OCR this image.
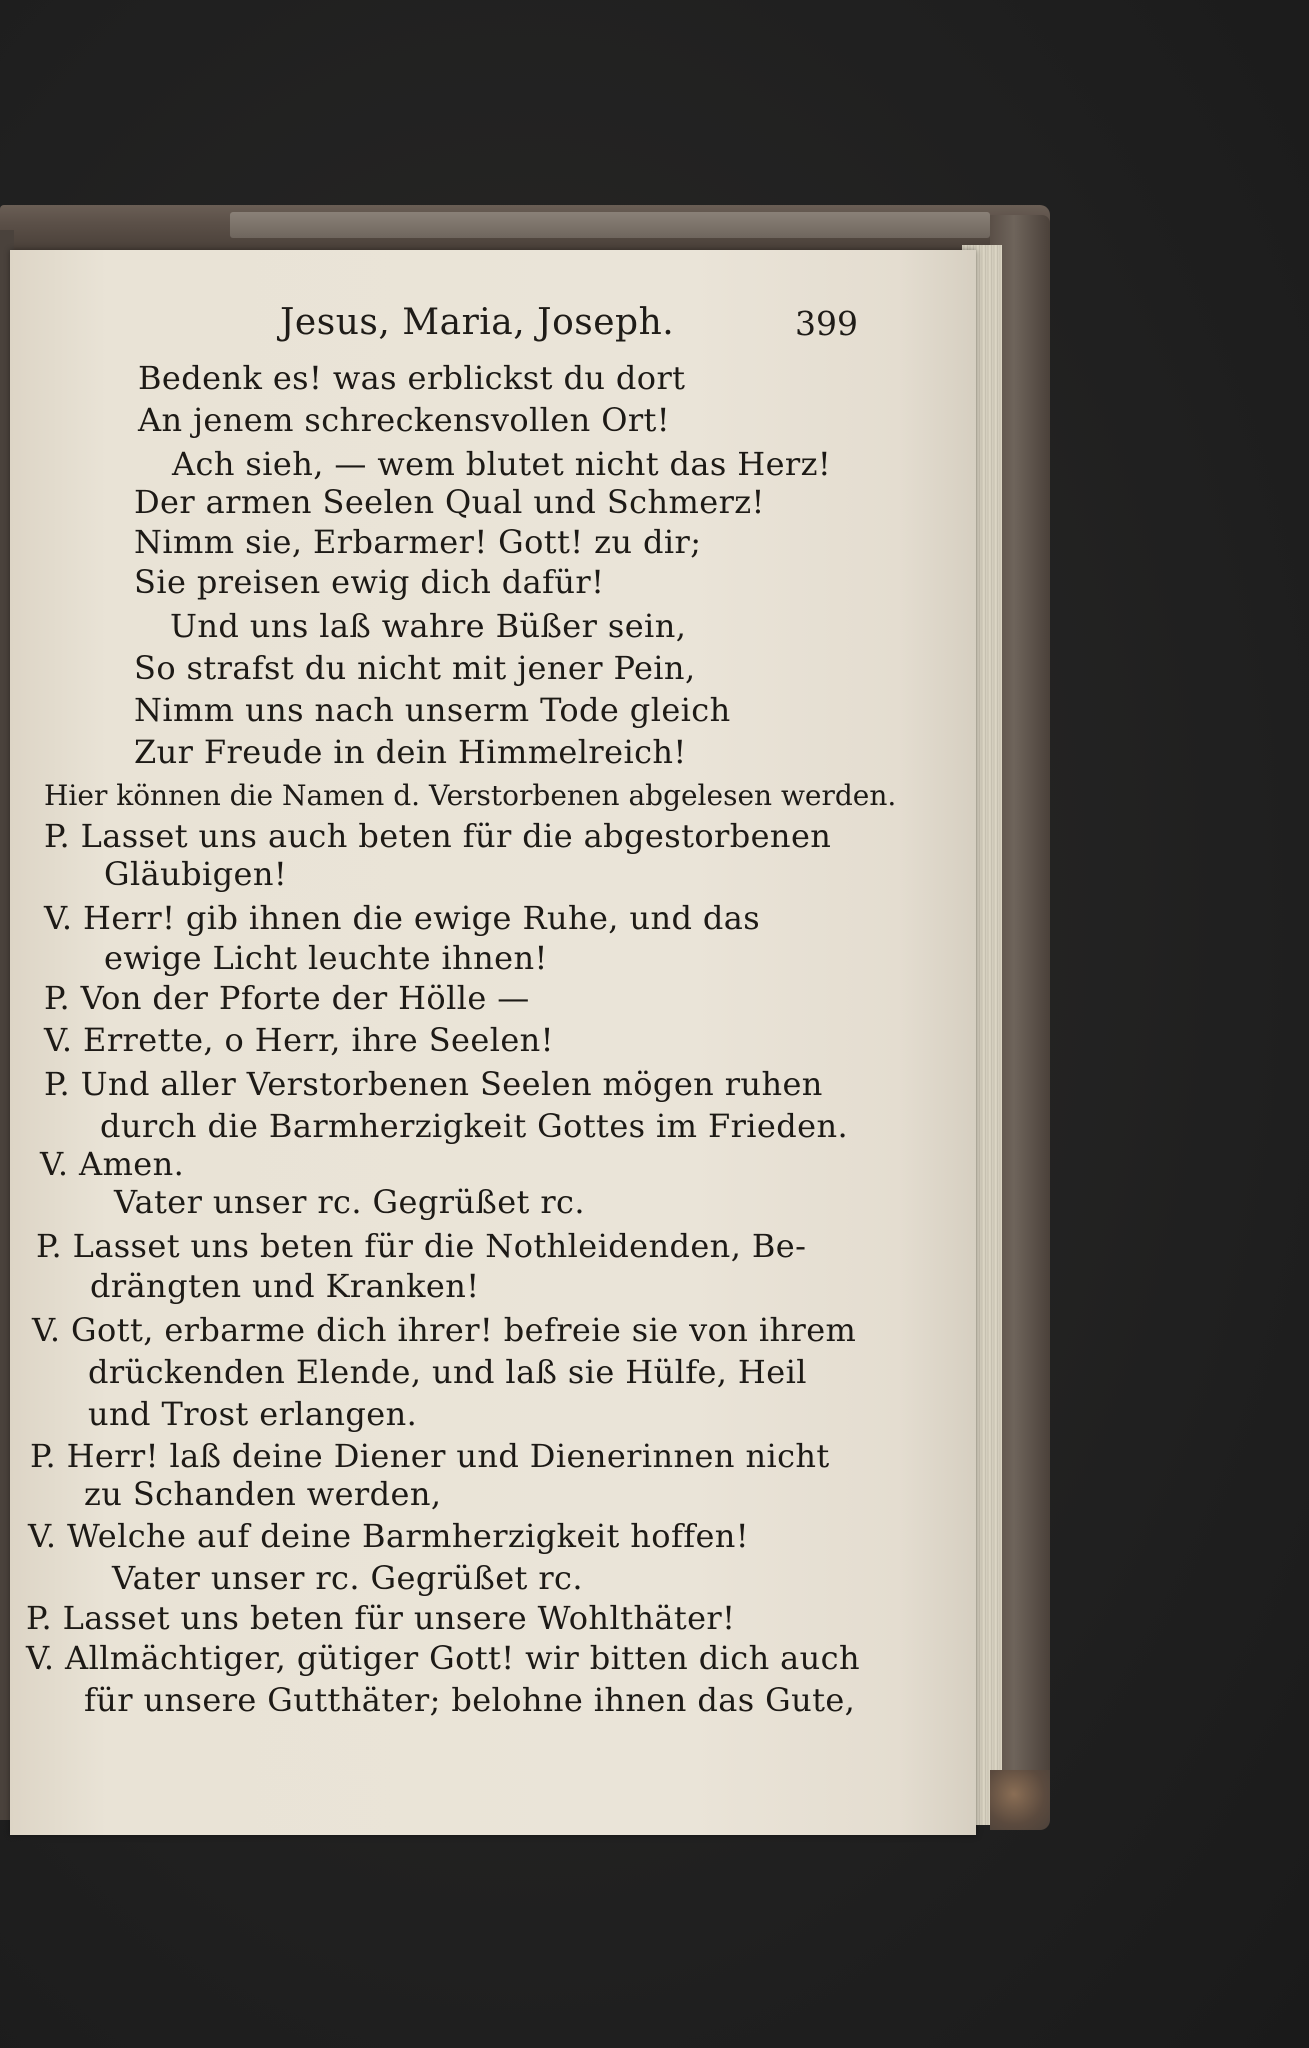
Jesus, Maria, Joseph.	399
Bedenk es! was erblickst du dort
An jenem schreckensvollen Ort!
Ach sieh, — wem blutet nicht das Herz!
Der armen Seelen Qual und Schmerz!
Nimm sie, Erbarmer! Gott! zu dir;
Sie preisen ewig dich dafür!
Und uns laß wahre Büßer sein,
So strafst du nicht mit jener Pein,
Nimm uns nach unserm Tode gleich
Zur Freude in dein Himmelreich!
Hier können die Namen d. Verstorbenen abgelesen werden.
P. Lasset uns auch beten für die abgestorbenen
Gläubigen!
V. Herr! gib ihnen die ewige Ruhe, und das
ewige Licht leuchte ihnen!
P. Von der Pforte der Hölle —
V. Errette, o Herr, ihre Seelen!
P. Und aller Verstorbenen Seelen mögen ruhen
durch die Barmherzigkeit Gottes im Frieden.
V. Amen.
Vater unser rc. Gegrüßet rc.
P. Lasset uns beten für die Nothleidenden, Be-
drängten und Kranken!
V. Gott, erbarme dich ihrer! befreie sie von ihrem
drückenden Elende, und laß sie Hülfe, Heil
und Trost erlangen.
P. Herr! laß deine Diener und Dienerinnen nicht
zu Schanden werden,
V. Welche auf deine Barmherzigkeit hoffen!
Vater unser rc. Gegrüßet rc.
P. Lasset uns beten für unsere Wohlthäter!
V. Allmächtiger, gütiger Gott! wir bitten dich auch
für unsere Gutthäter; belohne ihnen das Gute,
